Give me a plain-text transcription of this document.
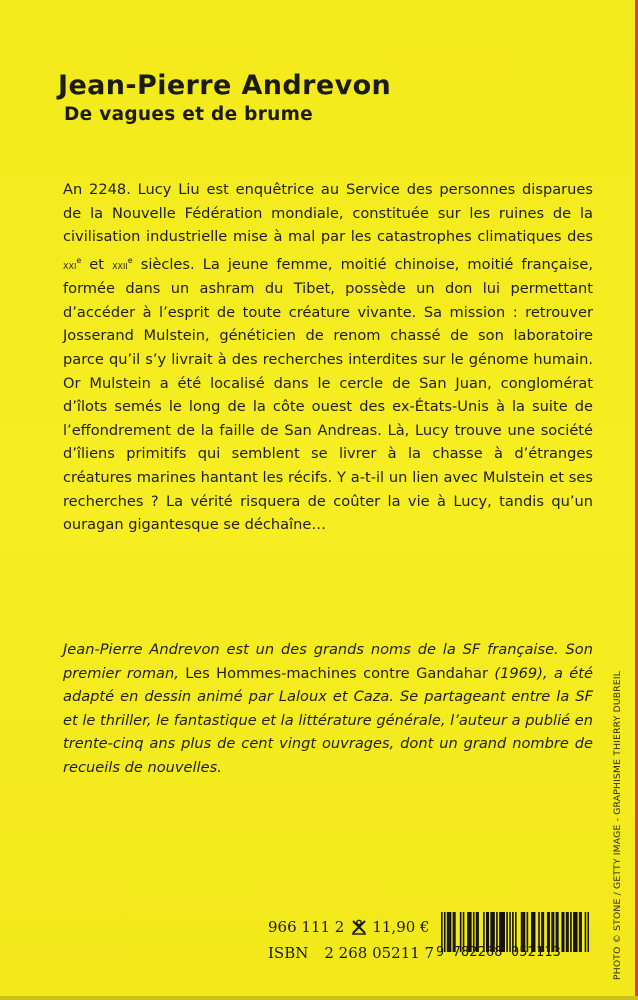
Jean-Pierre Andrevon
De vagues et de brume

An 2248. Lucy Liu est enquêtrice au Service des personnes disparues de la Nouvelle Fédération mondiale, constituée sur les ruines de la civilisation industrielle mise à mal par les catastrophes climatiques des xxi$^e$ et xxii$^e$ siècles. La jeune femme, moitié chinoise, moitié française, formée dans un ashram du Tibet, possède un don lui permettant d’accéder à l’esprit de toute créature vivante. Sa mission : retrouver Josserand Mulstein, généticien de renom chassé de son laboratoire parce qu’il s’y livrait à des recherches interdites sur le génome humain. Or Mulstein a été localisé dans le cercle de San Juan, conglomérat d’îlots semés le long de la côte ouest des ex-États-Unis à la suite de l’effondrement de la faille de San Andreas. Là, Lucy trouve une société d’îliens primitifs qui semblent se livrer à la chasse à d’étranges créatures marines hantant les récifs. Y a-t-il un lien avec Mulstein et ses recherches ? La vérité risquera de coûter la vie à Lucy, tandis qu’un ouragan gigantesque se déchaîne…

Jean-Pierre Andrevon est un des grands noms de la SF française. Son premier roman, Les Hommes-machines contre Gandahar (1969), a été adapté en dessin animé par Laloux et Caza. Se partageant entre la SF et le thriller, le fantastique et la littérature générale, l’auteur a publié en trente-cinq ans plus de cent vingt ouvrages, dont un grand nombre de recueils de nouvelles.	PHOTO © STONE / GETTY IMAGE - GRAPHISME THIERRY DUBREIL
966 111 2 11,90 €
ISBN 2 268 05211 7 9 782268 052113
